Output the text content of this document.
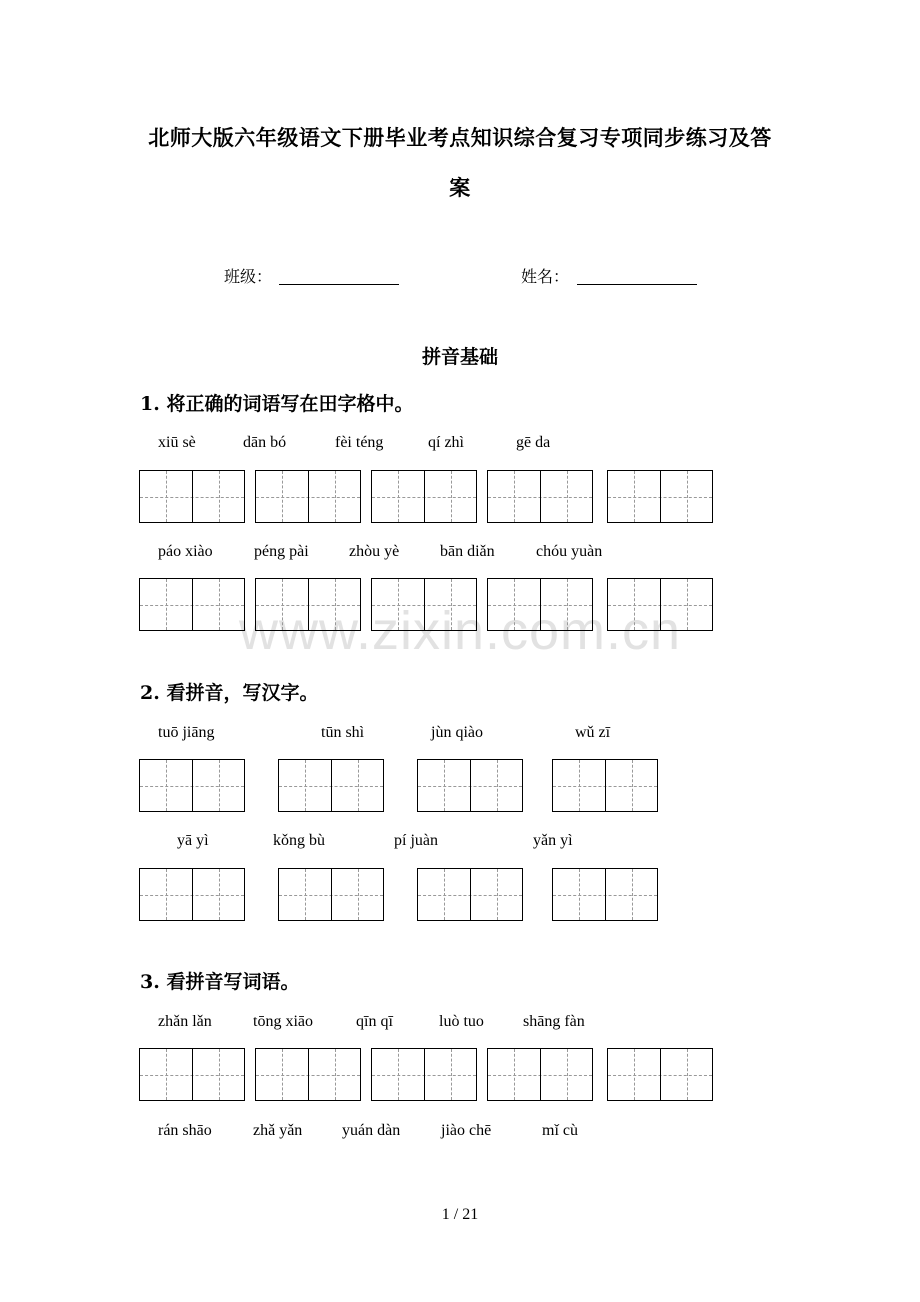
北师大版六年级语文下册毕业考点知识综合复习专项同步练习及答
案
班级：	姓名：
拼音基础
www.zixin.com.cn
1. 将正确的词语写在田字格中。
xiū sè	dān bó	fèi téng	qí zhì	gē da
páo xiào	péng pài	zhòu yè	bān diǎn	chóu yuàn
2. 看拼音，写汉字。
tuō jiāng	tūn shì	jùn qiào	wǔ zī
yā yì	kǒng bù	pí juàn	yǎn yì
3. 看拼音写词语。
zhǎn lǎn	tōng xiāo	qīn qī	luò tuo shāng fàn
rán shāo	zhǎ yǎn yuán dàn	jiào chē	mǐ cù
1 / 21
